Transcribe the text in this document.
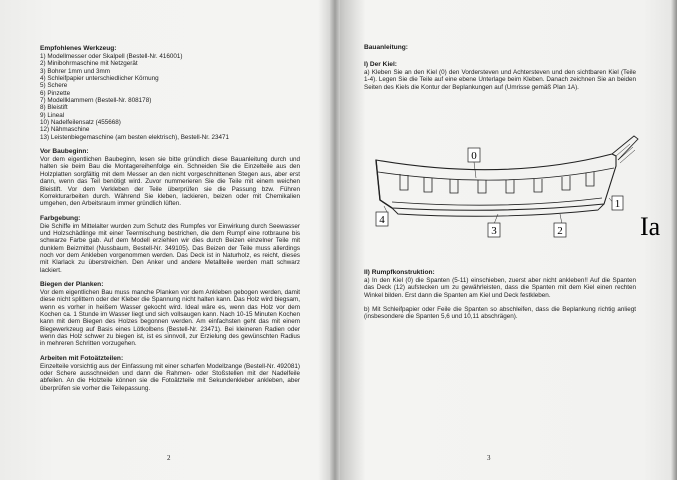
Empfohlenes Werkzeug:
1) Modellmesser oder Skalpell (Bestell-Nr. 416001)
2) Minibohrmaschine mit Netzgerät
3) Bohrer 1mm und 3mm
4) Schleifpapier unterschiedlicher Körnung
5) Schere
6) Pinzette
7) Modellklammern (Bestell-Nr. 808178)
8) Bleistift
9) Lineal
10) Nadelfeilensatz (455668)
12) Nähmaschine
13) Leistenbiegemaschine (am besten elektrisch), Bestell-Nr. 23471
Vor Baubeginn:

Vor dem eigentlichen Baubeginn, lesen sie bitte gründlich diese Bauanleitung durch und halten sie beim Bau die Montagereihenfolge ein. Schneiden Sie die Einzelteile aus den Holzplatten sorgfältig mit dem Messer an den nicht vorgeschnittenen Stegen aus, aber erst dann, wenn das Teil benötigt wird. Zuvor nummerieren Sie die Teile mit einem weichen Bleistift. Vor dem Verkleben der Teile überprüfen sie die Passung bzw. Führen Korrekturarbeiten durch. Während Sie kleben, lackieren, beizen oder mit Chemikalien umgehen, den Arbeitsraum immer gründlich lüften.

Farbgebung:

Die Schiffe im Mittelalter wurden zum Schutz des Rumpfes vor Einwirkung durch Seewasser und Holzschädlinge mit einer Teermischung bestrichen, die dem Rumpf eine rotbraune bis schwarze Farbe gab. Auf dem Modell erziehlen wir dies durch Beizen einzelner Teile mit dunklem Beizmittel (Nussbaum, Bestell-Nr. 349105). Das Beizen der Teile muss allerdings noch vor dem Ankleben vorgenommen werden. Das Deck ist in Naturholz, es reicht, dieses mit Klarlack zu überstreichen. Den Anker und andere Metallteile werden matt schwarz lackiert.

Biegen der Planken:

Vor dem eigentlichen Bau muss manche Planken vor dem Ankleben gebogen werden, damit diese nicht splittern oder der Kleber die Spannung nicht halten kann. Das Holz wird biegsam, wenn es vorher in heißem Wasser gekocht wird. Ideal wäre es, wenn das Holz vor dem Kochen ca. 1 Stunde im Wasser liegt und sich vollsaugen kann. Nach 10-15 Minuten Kochen kann mit dem Biegen des Holzes begonnen werden. Am einfachsten geht das mit einem Biegewerkzeug auf Basis eines Lötkolbens (Bestell-Nr. 23471). Bei kleineren Radien oder wenn das Holz schwer zu biegen ist, ist es sinnvoll, zur Erzielung des gewünschten Radius in mehreren Schritten vorzugehen.

Arbeiten mit Fotoätzteilen:

Einzelteile vorsichtig aus der Einfassung mit einer scharfen Modellzange (Bestell-Nr. 492081) oder Schere ausschneiden und dann die Rahmen- oder Stoßstellen mit der Nadelfeile abfeilen. An die Holzteile können sie die Fotoätzteile mit Sekundenkleber ankleben, aber überprüfen sie vorher die Teilepassung.

2
Bauanleitung:
I) Der Kiel:

a) Kleben Sie an den Kiel (0) den Vordersteven und Achtersteven und den sichtbaren Kiel (Teile 1-4). Legen Sie die Teile auf eine ebene Unterlage beim Kleben. Danach zeichnen Sie an beiden Seiten des Kiels die Kontur der Beplankungen auf (Umrisse gemäß Plan 1A).

II) Rumpfkonstruktion:

a) In den Kiel (0) die Spanten (5-11) einschieben, zuerst aber nicht ankleben!! Auf die Spanten das Deck (12) aufstecken um zu gewährleisten, dass die Spanten mit dem Kiel einen rechten Winkel bilden. Erst dann die Spanten am Kiel und Deck festkleben.

b) Mit Schleifpapier oder Feile die Spanten so abschleifen, dass die Beplankung richtig anliegt (insbesondere die Spanten 5,6 und 10,11 abschrägen).

0
1
2
3
4	Ia
3
